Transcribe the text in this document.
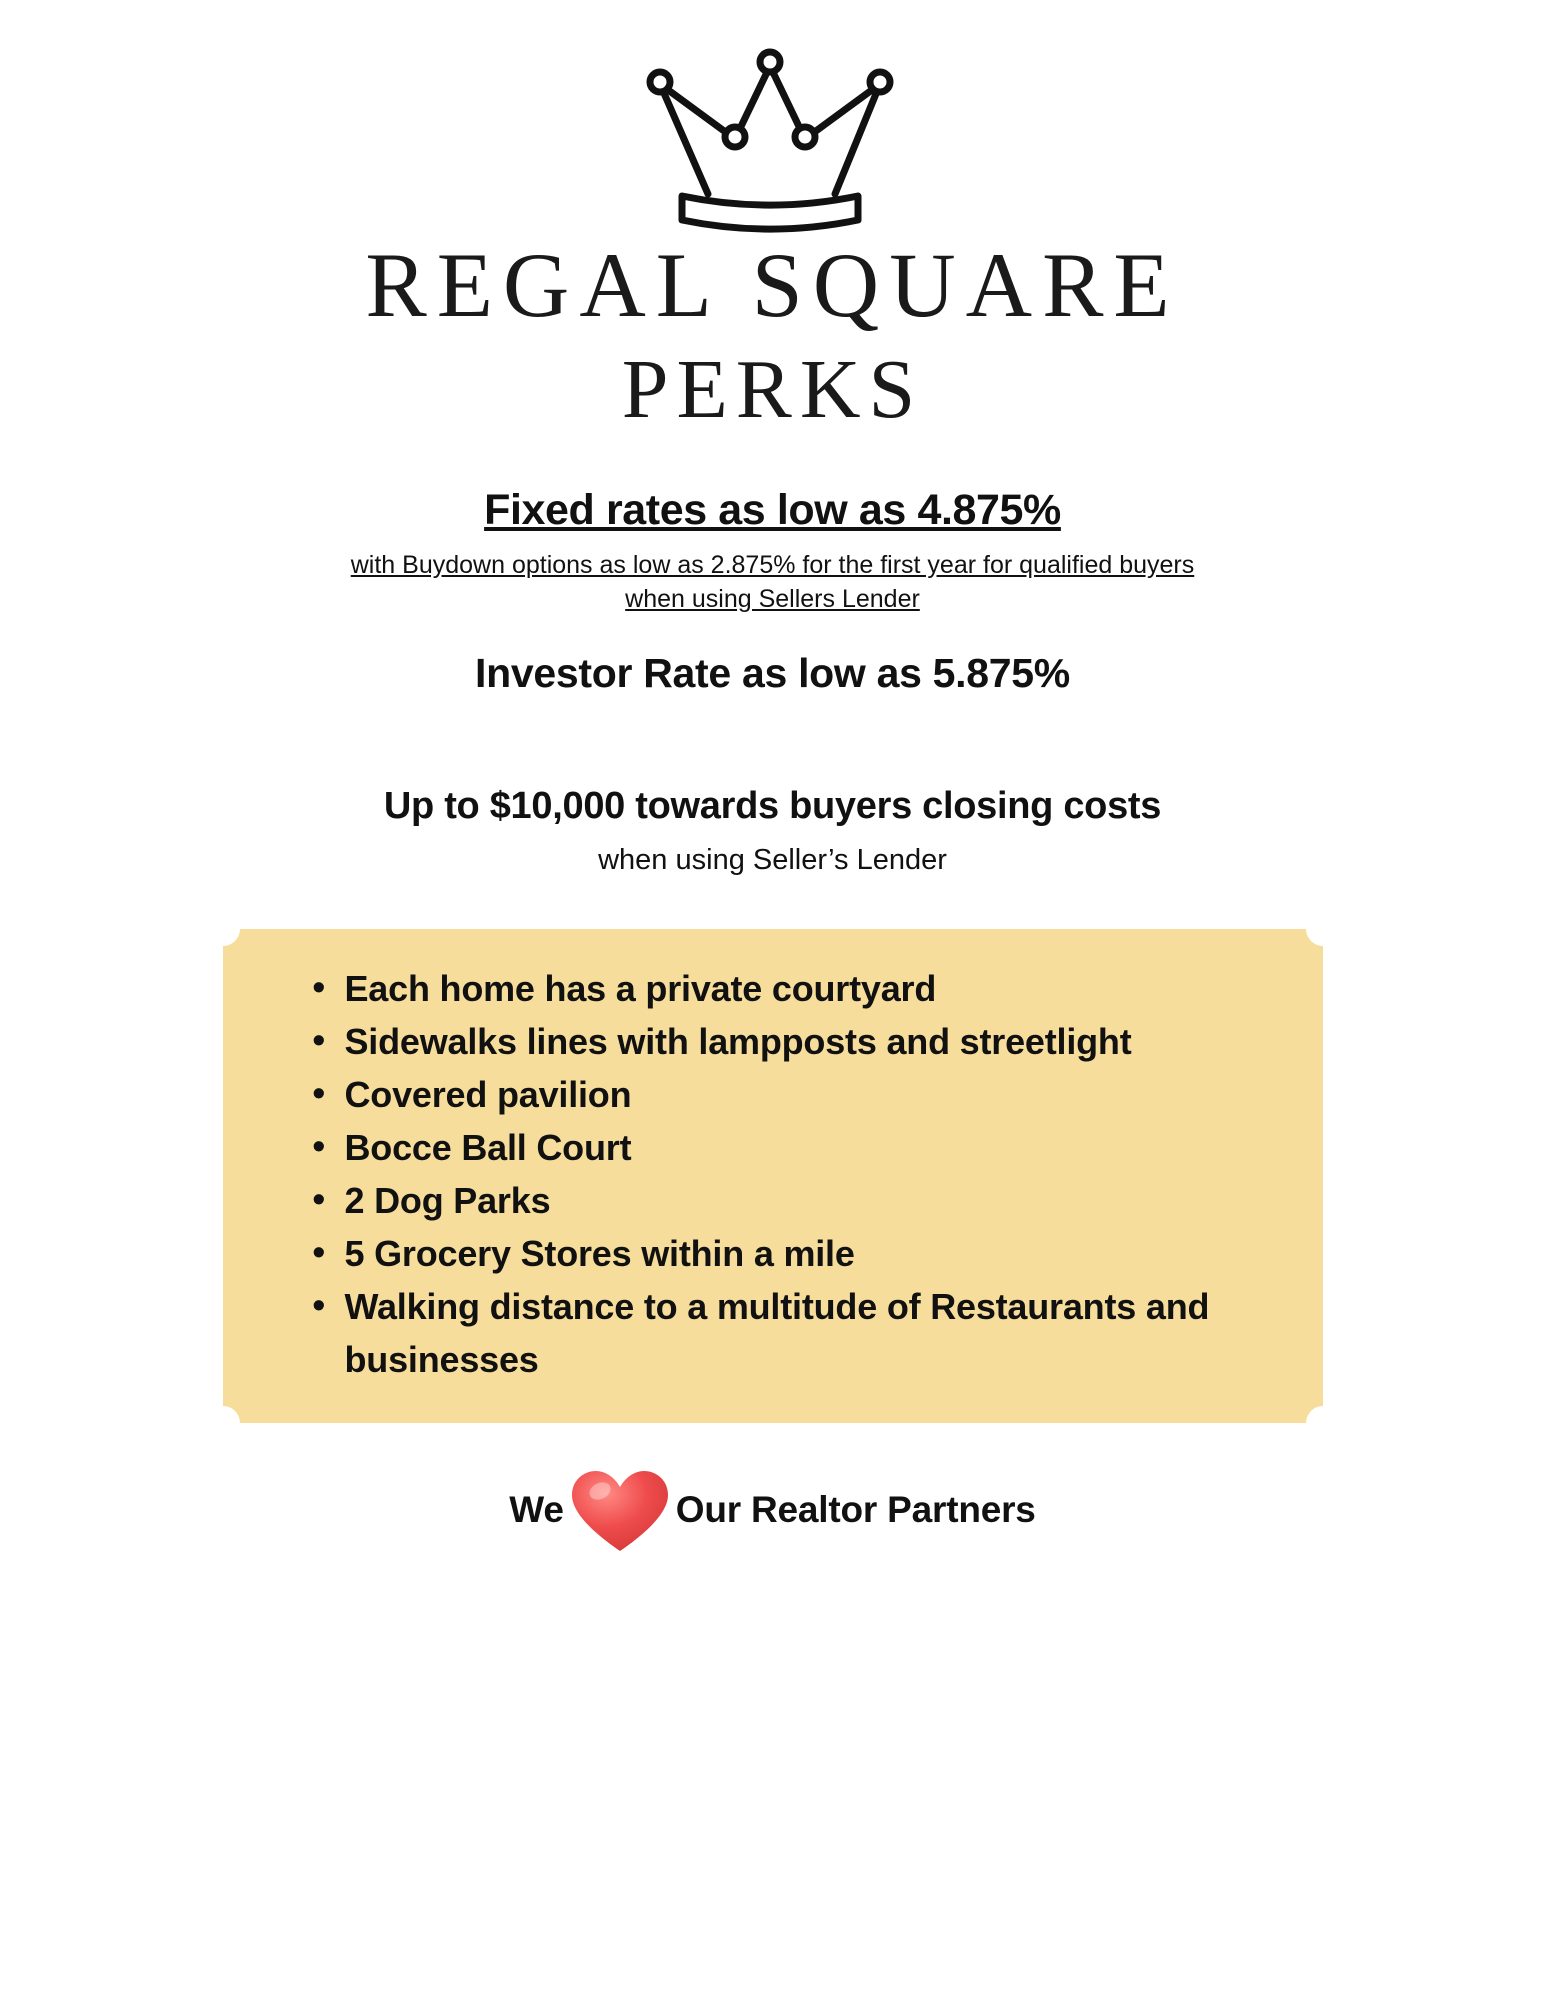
REGAL SQUARE
PERKS
Fixed rates as low as 4.875%
with Buydown options as low as 2.875% for the first year for qualified buyers
when using Sellers Lender
Investor Rate as low as 5.875%
Up to $10,000 towards buyers closing costs
when using Seller’s Lender
• Each home has a private courtyard
• Sidewalks lines with lampposts and streetlight
• Covered pavilion
• Bocce Ball Court
• 2 Dog Parks
• 5 Grocery Stores within a mile
• Walking distance to a multitude of Restaurants and businesses
We	Our Realtor Partners
